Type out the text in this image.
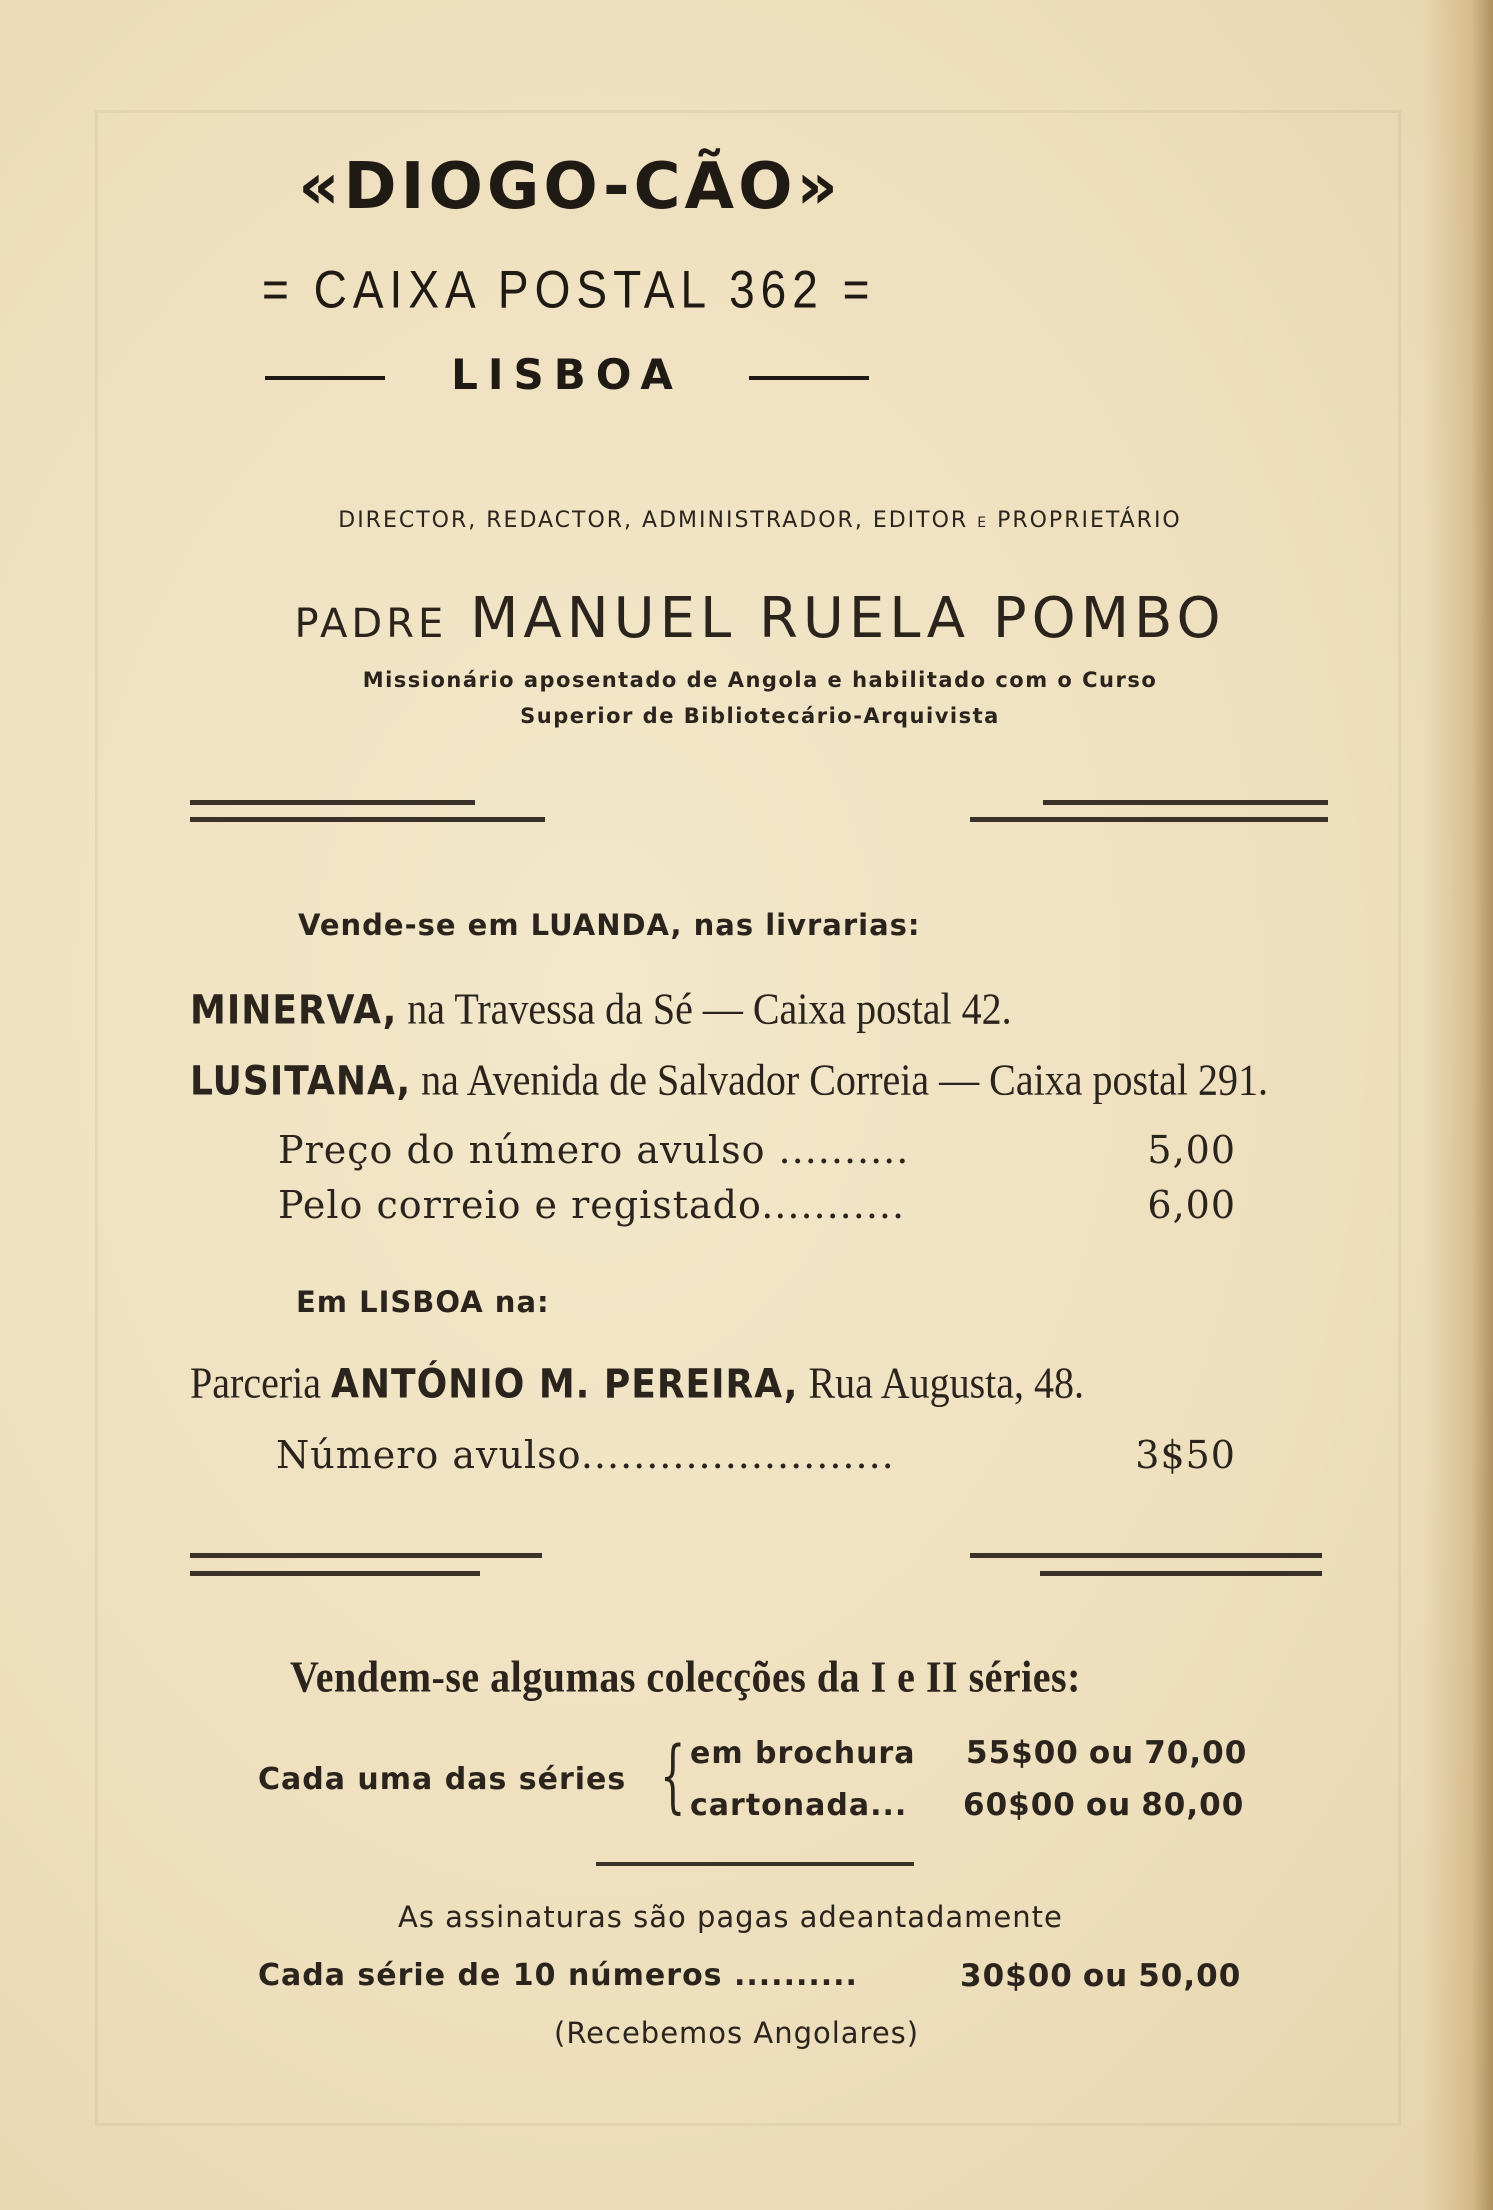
«DIOGO-CÃO»
= CAIXA POSTAL 362 =
LISBOA
DIRECTOR, REDACTOR, ADMINISTRADOR, EDITOR E PROPRIETÁRIO
PADRE MANUEL RUELA POMBO
Missionário aposentado de Angola e habilitado com o Curso
Superior de Bibliotecário-Arquivista
Vende-se em LUANDA, nas livrarias:
MINERVA, na Travessa da Sé — Caixa postal 42.
LUSITANA, na Avenida de Salvador Correia — Caixa postal 291.
Preço do número avulso ..........	5,00
Pelo correio e registado...........	6,00
Em LISBOA na:
Parceria ANTÓNIO M. PEREIRA, Rua Augusta, 48.
Número avulso........................	3$50
Vendem-se algumas colecções da I e II séries:
Cada uma das séries { em brochura 55$00 ou 70,00
cartonada... 60$00 ou 80,00
As assinaturas são pagas adeantadamente
Cada série de 10 números ..........	30$00 ou 50,00
(Recebemos Angolares)
